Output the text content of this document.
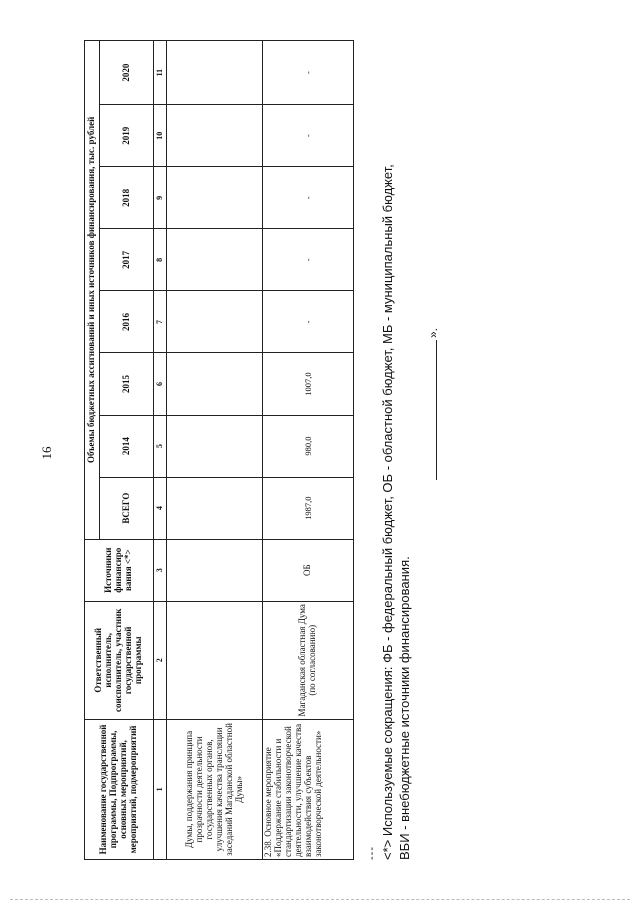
16
Наименование государственной программы, Подпрограммы, основных мероприятий, мероприятий, подмероприятий	Ответственный исполнитель, соисполнитель, участник государственной программы	Источники финансиро вания <*>	Объемы бюджетных ассигнований и иных источников финансирования, тыс. рублей							
			ВСЕГО	2014	2015	2016	2017	2018	2019	2020
1	2	3	4	5	6	7	8	9	10	11
Думы, поддержания принципа прозрачности деятельности государственных органов, улучшения качества трансляции заседаний Магаданской областной Думы»										
2.38. Основное мероприятие «Поддержание стабильности и стандартизации законотворческой деятельности, улучшение качества взаимодействия субъектов законотворческой деятельности»	Магаданская областная Дума (по согласованию)	ОБ	1987,0	980,0	1007,0	-	-	-	-	-
--- <*> Используемые сокращения: ФБ - федеральный бюджет, ОБ - областной бюджет, МБ - муниципальный бюджет, ВБИ - внебюджетные источники финансирования.
».
